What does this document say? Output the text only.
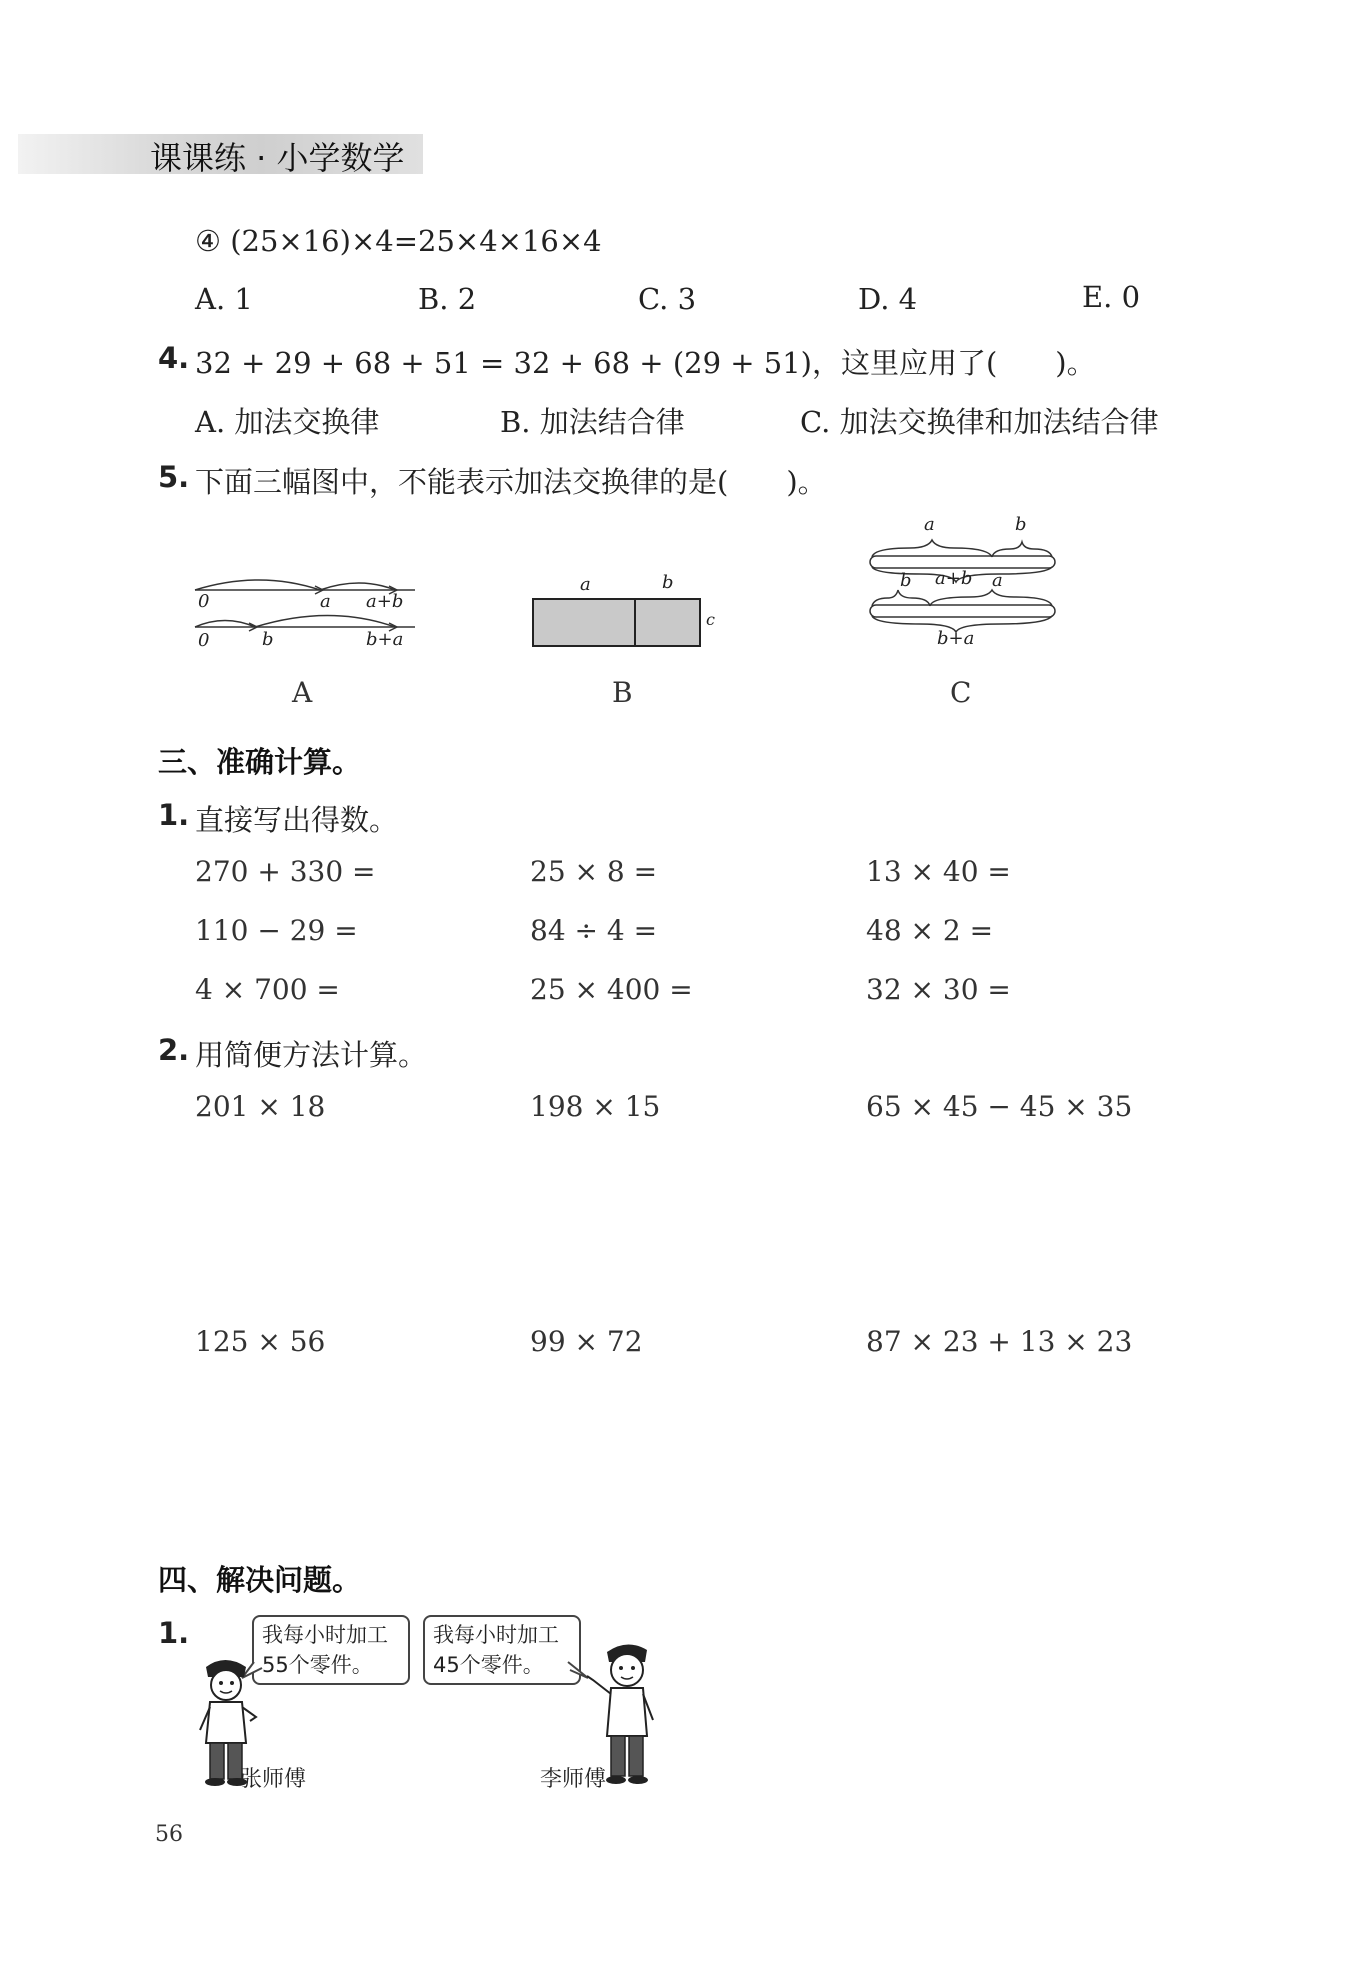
课课练 · 小学数学
④ (25×16)×4=25×4×16×4
A. 1	B. 2	C. 3	D. 4	E. 0
4. 32 + 29 + 68 + 51 = 32 + 68 + (29 + 51)，这里应用了(　　)。
A. 加法交换律	B. 加法结合律	C. 加法交换律和加法结合律
5. 下面三幅图中，不能表示加法交换律的是(　　)。
0	a a+b
0	b	b+a
A
a	b
c
B
a	b
b a+b a
b+a
C
三、准确计算。
1. 直接写出得数。
270 + 330 =	25 × 8 =	13 × 40 =
110 − 29 =	84 ÷ 4 =	48 × 2 =
4 × 700 =	25 × 400 =	32 × 30 =
2. 用简便方法计算。
201 × 18	198 × 15	65 × 45 − 45 × 35
125 × 56	99 × 72	87 × 23 + 13 × 23
四、解决问题。
1.	我每小时加工
55个零件。
我每小时加工
45个零件。
张师傅	李师傅
56
